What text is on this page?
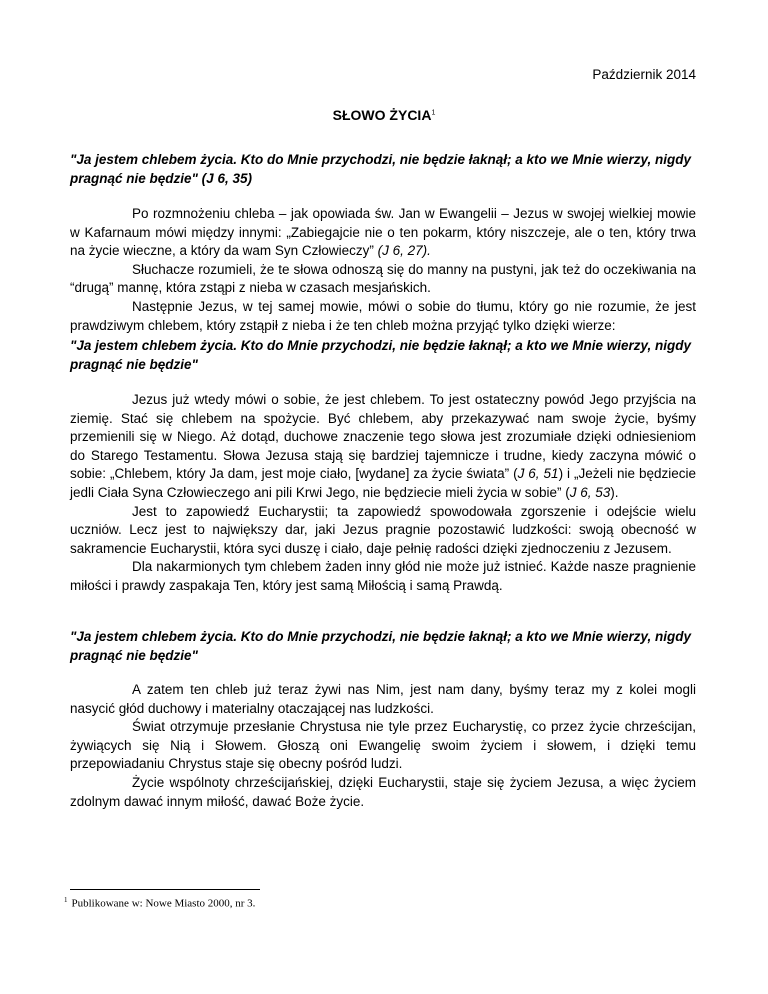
Październik 2014
SŁOWO ŻYCIA$^1$
"Ja jestem chlebem życia. Kto do Mnie przychodzi, nie będzie łaknął; a kto we Mnie wierzy, nigdy pragnąć nie będzie" (J 6, 35)

Po rozmnożeniu chleba – jak opowiada św. Jan w Ewangelii – Jezus w swojej wielkiej mowie w Kafarnaum mówi między innymi: „Zabiegajcie nie o ten pokarm, który niszczeje, ale o ten, który trwa na życie wieczne, a który da wam Syn Człowieczy” (J 6, 27).

Słuchacze rozumieli, że te słowa odnoszą się do manny na pustyni, jak też do oczekiwania na “drugą” mannę, która zstąpi z nieba w czasach mesjańskich.

Następnie Jezus, w tej samej mowie, mówi o sobie do tłumu, który go nie rozumie, że jest prawdziwym chlebem, który zstąpił z nieba i że ten chleb można przyjąć tylko dzięki wierze:

"Ja jestem chlebem życia. Kto do Mnie przychodzi, nie będzie łaknął; a kto we Mnie wierzy, nigdy pragnąć nie będzie"

Jezus już wtedy mówi o sobie, że jest chlebem. To jest ostateczny powód Jego przyjścia na ziemię. Stać się chlebem na spożycie. Być chlebem, aby przekazywać nam swoje życie, byśmy przemienili się w Niego. Aż dotąd, duchowe znaczenie tego słowa jest zrozumiałe dzięki odniesieniom do Starego Testamentu. Słowa Jezusa stają się bardziej tajemnicze i trudne, kiedy zaczyna mówić o sobie: „Chlebem, który Ja dam, jest moje ciało, [wydane] za życie świata” (J 6, 51) i „Jeżeli nie będziecie jedli Ciała Syna Człowieczego ani pili Krwi Jego, nie będziecie mieli życia w sobie” (J 6, 53).

Jest to zapowiedź Eucharystii; ta zapowiedź spowodowała zgorszenie i odejście wielu uczniów. Lecz jest to największy dar, jaki Jezus pragnie pozostawić ludzkości: swoją obecność w sakramencie Eucharystii, która syci duszę i ciało, daje pełnię radości dzięki zjednoczeniu z Jezusem.

Dla nakarmionych tym chlebem żaden inny głód nie może już istnieć. Każde nasze pragnienie miłości i prawdy zaspakaja Ten, który jest samą Miłością i samą Prawdą.

"Ja jestem chlebem życia. Kto do Mnie przychodzi, nie będzie łaknął; a kto we Mnie wierzy, nigdy pragnąć nie będzie"

A zatem ten chleb już teraz żywi nas Nim, jest nam dany, byśmy teraz my z kolei mogli nasycić głód duchowy i materialny otaczającej nas ludzkości.

Świat otrzymuje przesłanie Chrystusa nie tyle przez Eucharystię, co przez życie chrześcijan, żywiących się Nią i Słowem. Głoszą oni Ewangelię swoim życiem i słowem, i dzięki temu przepowiadaniu Chrystus staje się obecny pośród ludzi.

Życie wspólnoty chrześcijańskiej, dzięki Eucharystii, staje się życiem Jezusa, a więc życiem zdolnym dawać innym miłość, dawać Boże życie.

$^1$ Publikowane w: Nowe Miasto 2000, nr 3.
